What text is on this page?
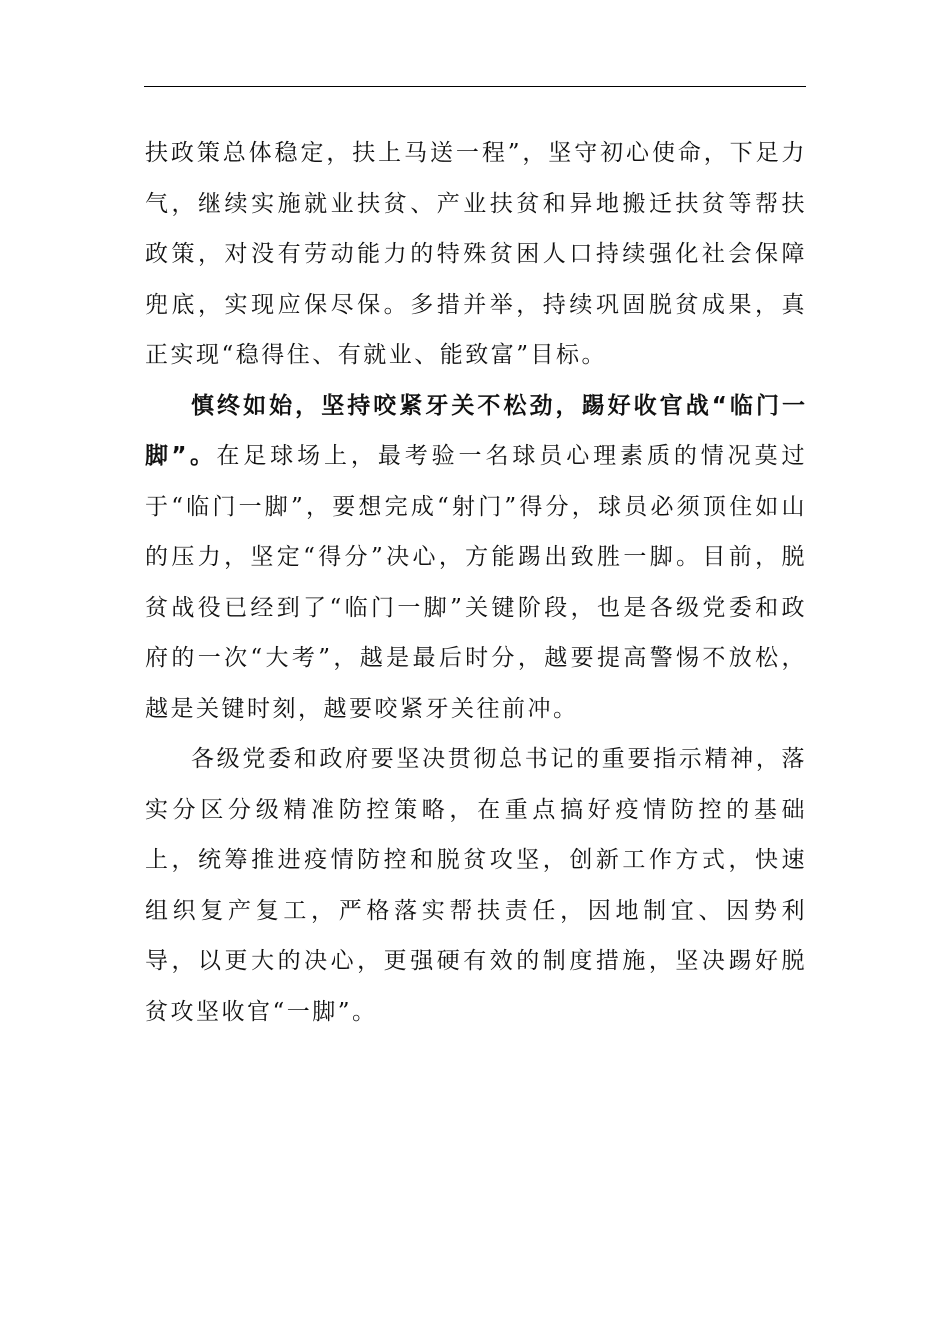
扶政策总体稳定，扶上马送一程”，坚守初心使命，下足力气，继续实施就业扶贫、产业扶贫和异地搬迁扶贫等帮扶政策，对没有劳动能力的特殊贫困人口持续强化社会保障兜底，实现应保尽保。多措并举，持续巩固脱贫成果，真正实现“稳得住、有就业、能致富”目标。

慎终如始，坚持咬紧牙关不松劲，踢好收官战“临门一脚”。在足球场上，最考验一名球员心理素质的情况莫过于“临门一脚”，要想完成“射门”得分，球员必须顶住如山的压力，坚定“得分”决心，方能踢出致胜一脚。目前，脱贫战役已经到了“临门一脚”关键阶段，也是各级党委和政府的一次“大考”，越是最后时分，越要提高警惕不放松，越是关键时刻，越要咬紧牙关往前冲。

各级党委和政府要坚决贯彻总书记的重要指示精神，落实分区分级精准防控策略，在重点搞好疫情防控的基础上，统筹推进疫情防控和脱贫攻坚，创新工作方式，快速组织复产复工，严格落实帮扶责任，因地制宜、因势利导，以更大的决心，更强硬有效的制度措施，坚决踢好脱贫攻坚收官“一脚”。
